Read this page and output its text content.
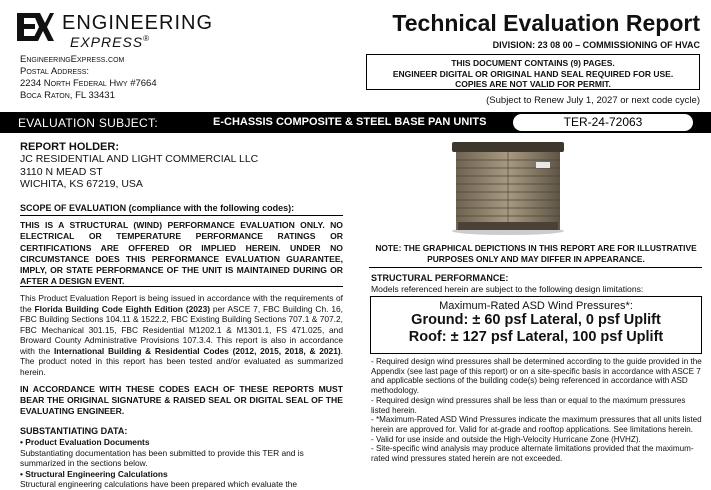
ENGINEERING
EXPRESS®
EngineeringExpress.com
Postal Address:
2234 North Federal Hwy #7664
Boca Raton, FL 33431
Technical Evaluation Report
DIVISION: 23 08 00 – COMMISSIONING OF HVAC
THIS DOCUMENT CONTAINS (9) PAGES.
ENGINEER DIGITAL OR ORIGINAL HAND SEAL REQUIRED FOR USE.
COPIES ARE NOT VALID FOR PERMIT.
(Subject to Renew July 1, 2027 or next code cycle)
EVALUATION SUBJECT:	E-CHASSIS COMPOSITE & STEEL BASE PAN UNITS	TER-24-72063
REPORT HOLDER:
JC RESIDENTIAL AND LIGHT COMMERCIAL LLC
3110 N MEAD ST
WICHITA, KS 67219, USA
SCOPE OF EVALUATION (compliance with the following codes):
THIS IS A STRUCTURAL (WIND) PERFORMANCE EVALUATION ONLY. NO ELECTRICAL OR TEMPERATURE PERFORMANCE RATINGS OR CERTIFICATIONS ARE OFFERED OR IMPLIED HEREIN. UNDER NO CIRCUMSTANCE DOES THIS PERFORMANCE EVALUATION GUARANTEE, IMPLY, OR STATE PERFORMANCE OF THE UNIT IS MAINTAINED DURING OR AFTER A DESIGN EVENT.
This Product Evaluation Report is being issued in accordance with the requirements of the Florida Building Code Eighth Edition (2023) per ASCE 7, FBC Building Ch. 16, FBC Building Sections 104.11 & 1522.2, FBC Existing Building Sections 707.1 & 707.2, FBC Mechanical 301.15, FBC Residential M1202.1 & M1301.1, FS 471.025, and Broward County Administrative Provisions 107.3.4. This report is also in accordance with the International Building & Residential Codes (2012, 2015, 2018, & 2021). The product noted in this report has been tested and/or evaluated as summarized herein.
IN ACCORDANCE WITH THESE CODES EACH OF THESE REPORTS MUST BEAR THE ORIGINAL SIGNATURE & RAISED SEAL OR DIGITAL SEAL OF THE EVALUATING ENGINEER.
SUBSTANTIATING DATA:
• Product Evaluation Documents
Substantiating documentation has been submitted to provide this TER and is summarized in the sections below.
• Structural Engineering Calculations
Structural engineering calculations have been prepared which evaluate the
NOTE: THE GRAPHICAL DEPICTIONS IN THIS REPORT ARE FOR ILLUSTRATIVE PURPOSES ONLY AND MAY DIFFER IN APPEARANCE.
STRUCTURAL PERFORMANCE:
Models referenced herein are subject to the following design limitations:
Maximum-Rated ASD Wind Pressures*:
Ground: ± 60 psf Lateral, 0 psf Uplift
Roof: ± 127 psf Lateral, 100 psf Uplift

- Required design wind pressures shall be determined according to the guide provided in the Appendix (see last page of this report) or on a site-specific basis in accordance with ASCE 7 and applicable sections of the building code(s) being referenced in accordance with ASD methodology.

- Required design wind pressures shall be less than or equal to the maximum pressures listed herein.

- *Maximum-Rated ASD Wind Pressures indicate the maximum pressures that all units listed herein are approved for. Valid for at-grade and rooftop applications. See limitations herein.

- Valid for use inside and outside the High-Velocity Hurricane Zone (HVHZ).

- Site-specific wind analysis may produce alternate limitations provided that the maximum-rated wind pressures stated herein are not exceeded.
